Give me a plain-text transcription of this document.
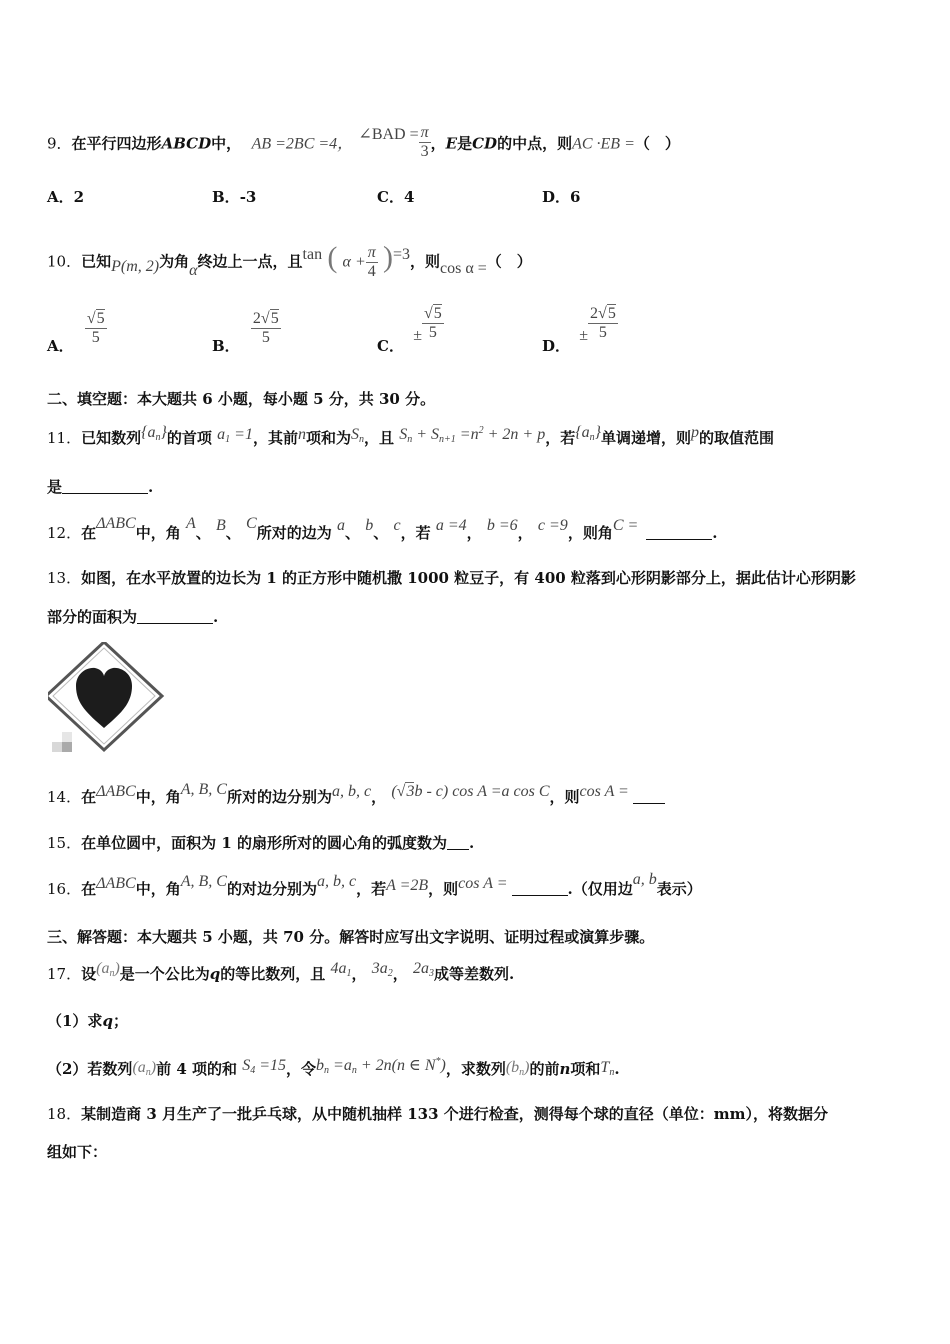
9．在平行四边形ABCD中， AB =2BC =4， ∠BAD = $\frac{\pi}{3}$ ，E是CD的中点，则AC ·EB =（　）
A．2	B．-3	C．4	D．6
10．已知P(m, 2)为角α终边上一点，且tan ( $\alpha + \frac{\pi}{4} )=3$，则cos α =（　）
A． $\frac{√5}{5}$	B． $\frac{2√5}{5}$	C． ± $\frac{√5}{5}$
D． ± $\frac{2√5}{5}$
二、填空题：本大题共 6 小题，每小题 5 分，共 30 分。
11．已知数列$\{a_n\}$的首项 $a_1 =1$，其前n项和为$S_n$，且 $S_n + S_{n+1} =n^2 + 2n + p$，若$\{a_n\}$单调递增，则p的取值范围
是	.
12．在ΔABC中，角 A、 B、 C所对的边为 a、 b、 c，若 a =4， b =6， c =9，则角C =	.
13．如图，在水平放置的边长为 1 的正方形中随机撒 1000 粒豆子，有 400 粒落到心形阴影部分上，据此估计心形阴影
部分的面积为	.
14．在ΔABC中，角A, B, C所对的边分别为a, b, c， (√3b - c) cos A =a cos C，则cos A =
15．在单位圆中，面积为 1 的扇形所对的圆心角的弧度数为 .
16．在ΔABC中，角A, B, C的对边分别为a, b, c，若A =2B，则cos A =	.（仅用边a, b表示）
三、解答题：本大题共 5 小题，共 70 分。解答时应写出文字说明、证明过程或演算步骤。
17．设$(a_n)$是一个公比为q的等比数列，且 $4a_1$， $3a_2$， $2a_3$成等差数列.
（1）求q；
（2）若数列$(a_n)$前 4 项的和 $S_4 =15$，令$b_n =a_n + 2n(n$ ∈ N*)，求数列$(b_n)$的前n项和$T_n$.
18．某制造商 3 月生产了一批乒乓球，从中随机抽样 133 个进行检查，测得每个球的直径（单位：mm），将数据分
组如下：
